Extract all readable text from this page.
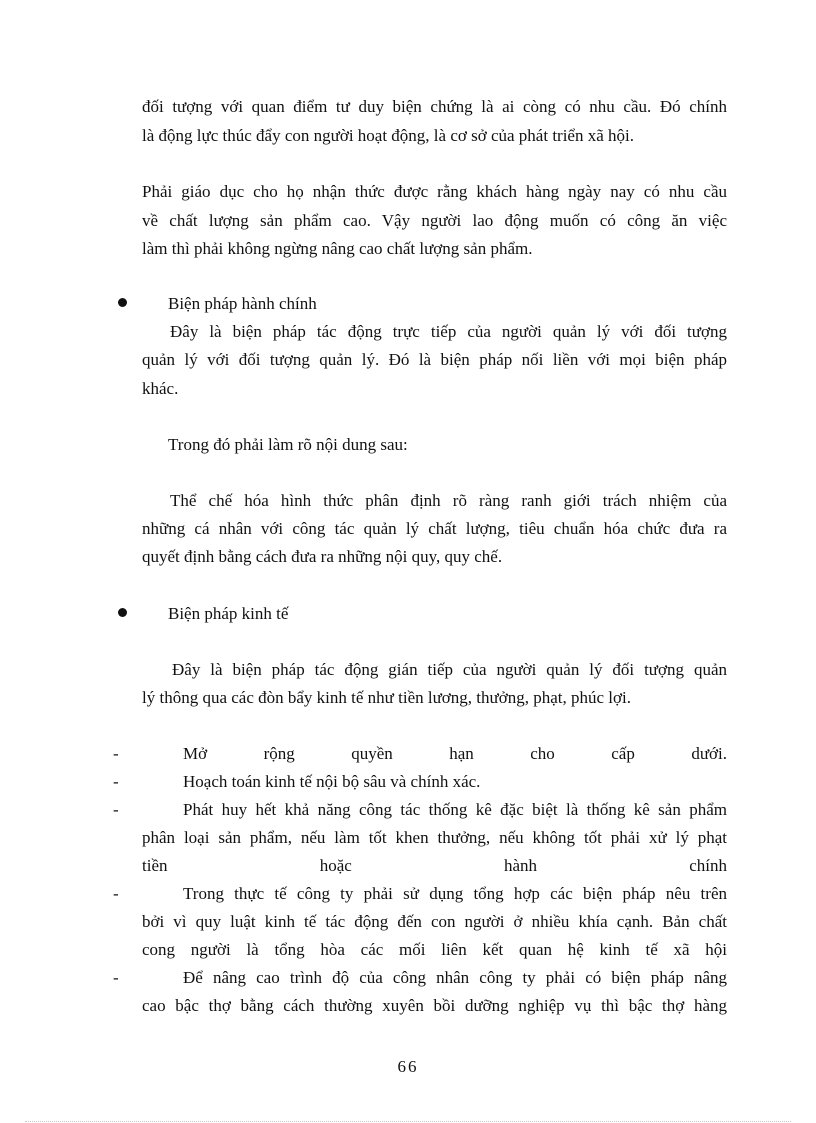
đối tượng với quan điểm tư duy biện chứng là ai còng có nhu cầu. Đó chính
là động lực thúc đẩy con người hoạt động, là cơ sở của phát triển xã hội.
Phải giáo dục cho họ nhận thức được rằng khách hàng ngày nay có nhu cầu
về chất lượng sản phẩm cao. Vậy người lao động muốn có công ăn việc
làm thì phải không ngừng nâng cao chất lượng sản phẩm.
Biện pháp hành chính
Đây là biện pháp tác động trực tiếp của người quản lý với đối tượng
quản lý với đối tượng quản lý. Đó là biện pháp nối liền với mọi biện pháp
khác.
Trong đó phải làm rõ nội dung sau:
Thể chế hóa hình thức phân định rõ ràng ranh giới trách nhiệm của
những cá nhân với công tác quản lý chất lượng, tiêu chuẩn hóa chức đưa ra
quyết định bằng cách đưa ra những nội quy, quy chế.
Biện pháp kinh tế
Đây là biện pháp tác động gián tiếp của người quản lý đối tượng quản
lý thông qua các đòn bẩy kinh tế như tiền lương, thưởng, phạt, phúc lợi.
-	Mở rộng quyền hạn cho cấp dưới.
-	Hoạch toán kinh tế nội bộ sâu và chính xác.
-	Phát huy hết khả năng công tác thống kê đặc biệt là thống kê sản phẩm
phân loại sản phẩm, nếu làm tốt khen thưởng, nếu không tốt phải xử lý phạt
tiền hoặc hành chính
-	Trong thực tế công ty phải sử dụng tổng hợp các biện pháp nêu trên
bởi vì quy luật kinh tế tác động đến con người ở nhiều khía cạnh. Bản chất
cong người là tổng hòa các mối liên kết quan hệ kinh tế xã hội
-	Để nâng cao trình độ của công nhân công ty phải có biện pháp nâng
cao bậc thợ bằng cách thường xuyên bồi dưỡng nghiệp vụ thì bậc thợ hàng
66
